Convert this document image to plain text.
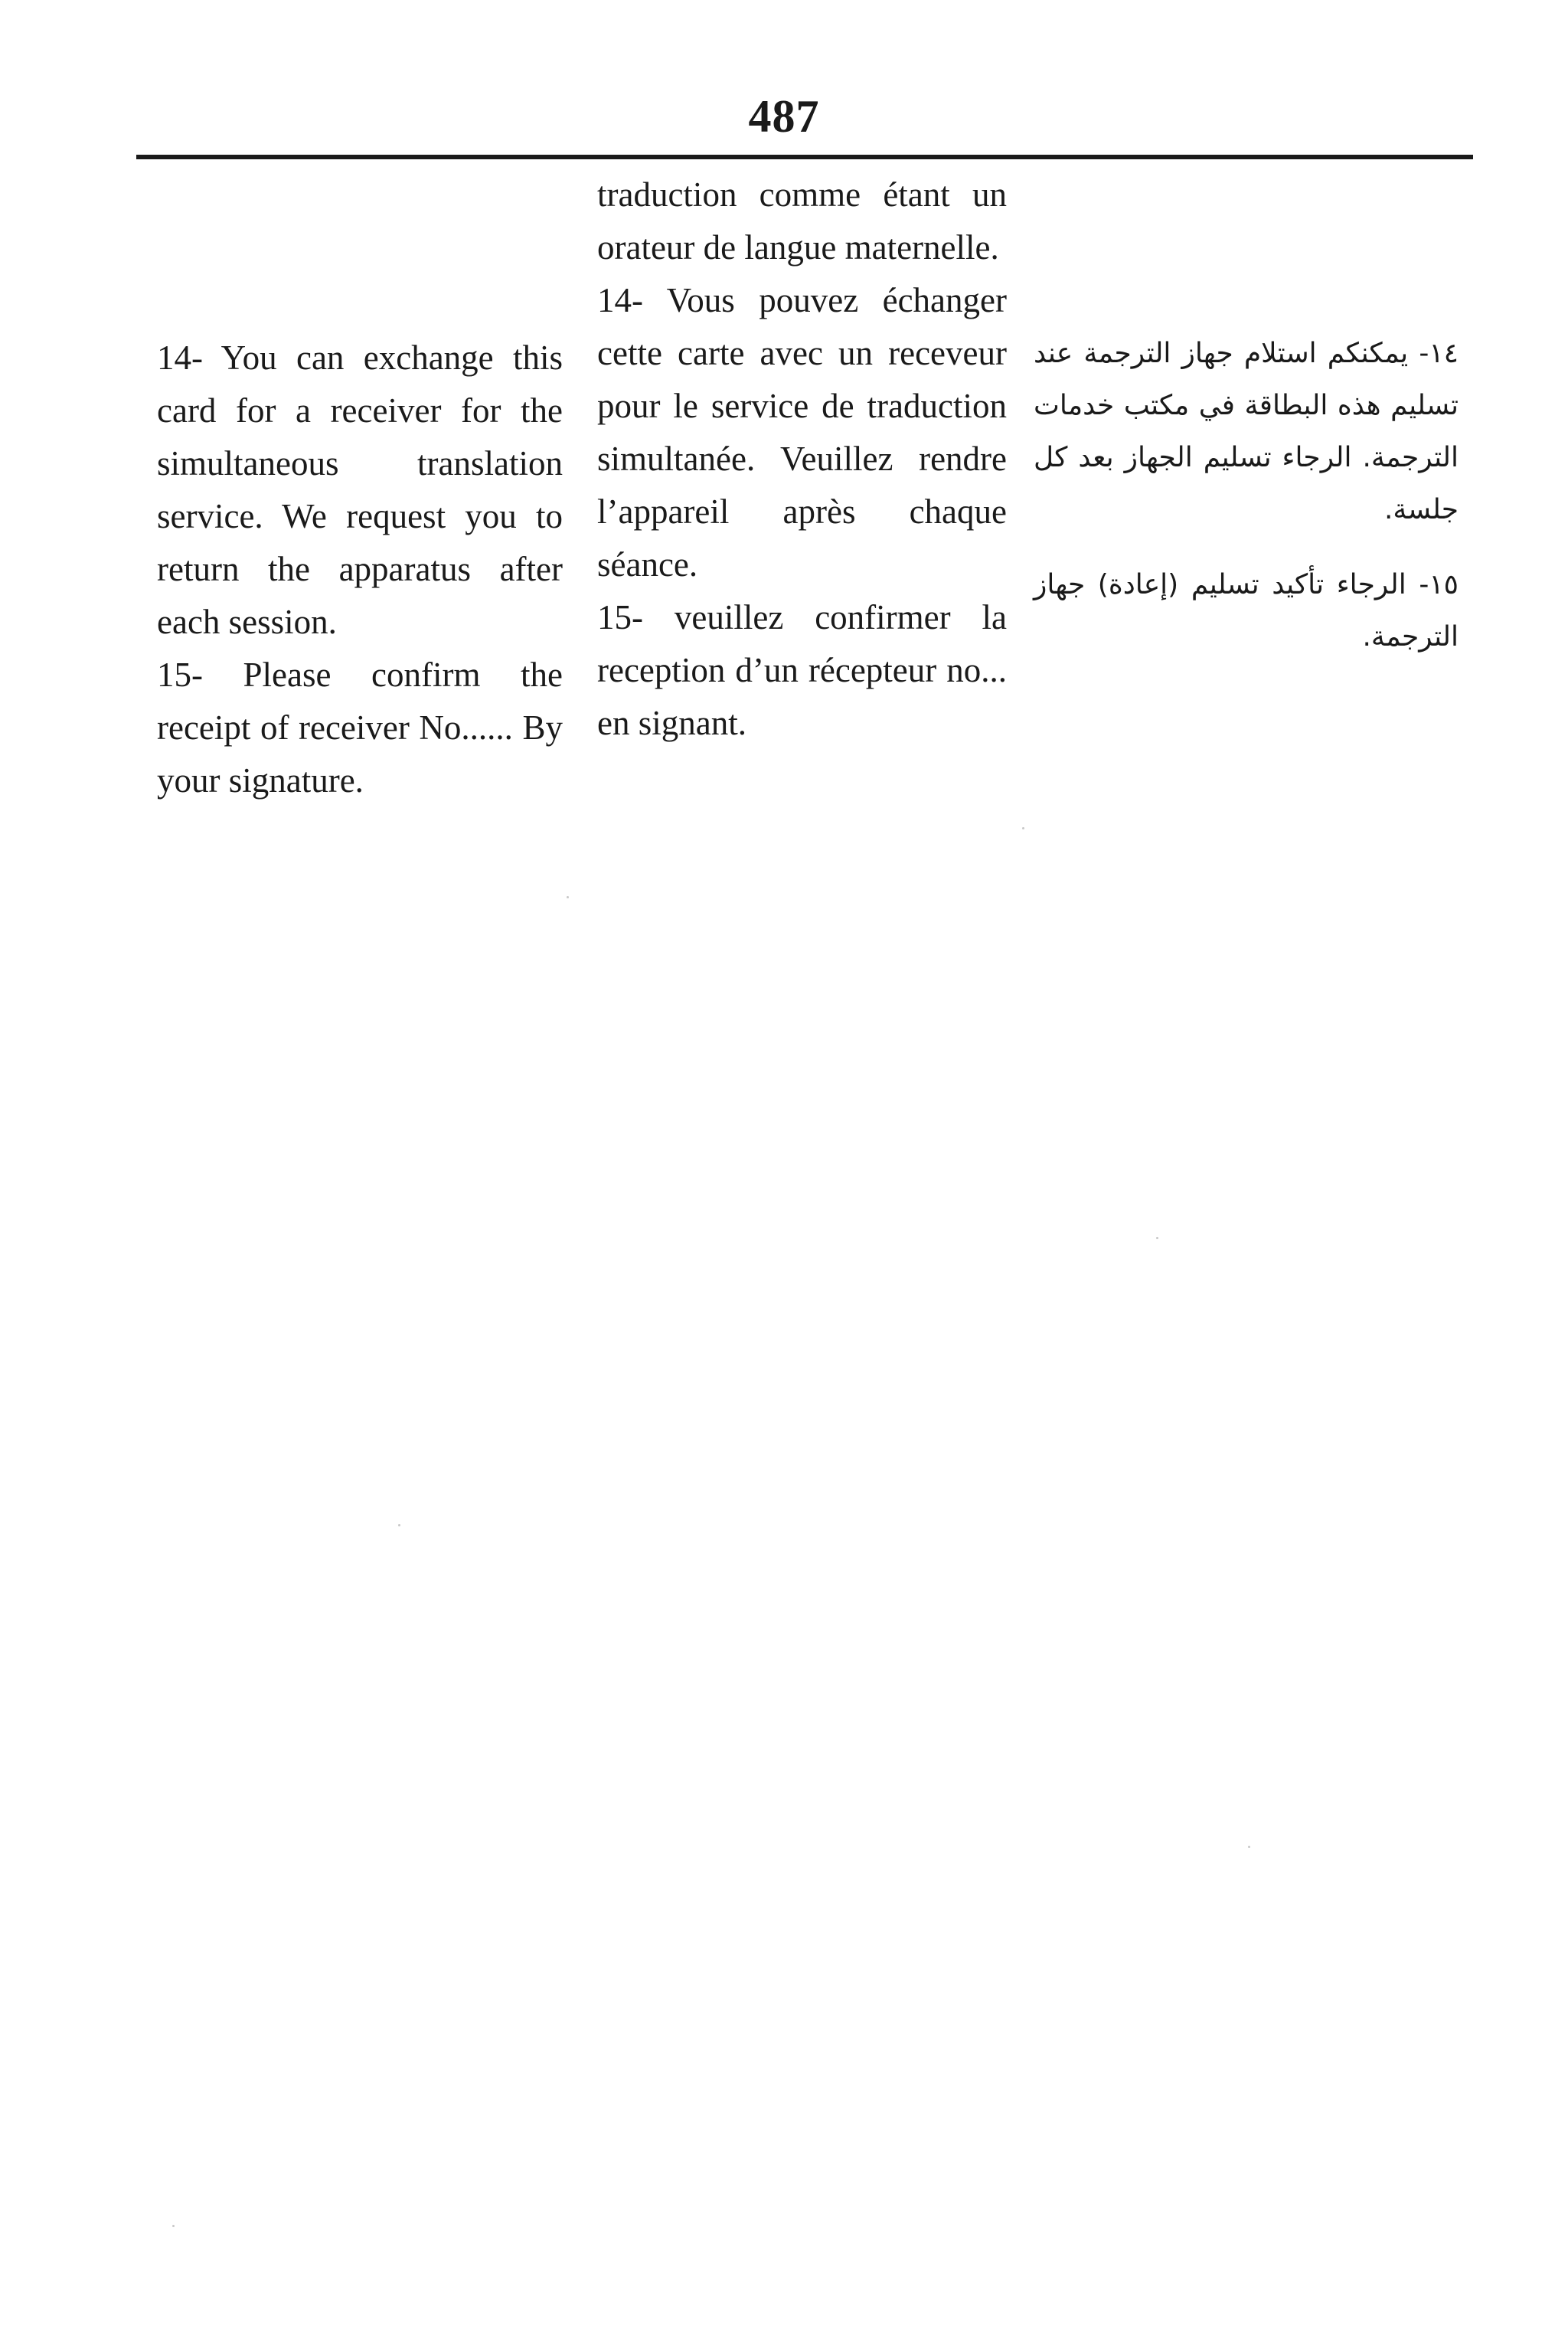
487

14- You can exchange this card for a receiver for the simultaneous translation service. We request you to return the apparatus after each session.

15- Please confirm the receipt of receiver No...... By your signature.

traduction comme étant un orateur de langue maternelle.

14- Vous pouvez échanger cette carte avec un receveur pour le service de traduction simultanée. Veuillez rendre l’appareil après chaque séance.

15- veuillez confirmer la reception d’un récepteur no... en signant.

١٤- يمكنكم استلام جهاز الترجمة عند تسليم هذه البطاقة في مكتب خدمات الترجمة. الرجاء تسليم الجهاز بعد كل جلسة.

١٥- الرجاء تأكيد تسليم (إعادة) جهاز الترجمة.
